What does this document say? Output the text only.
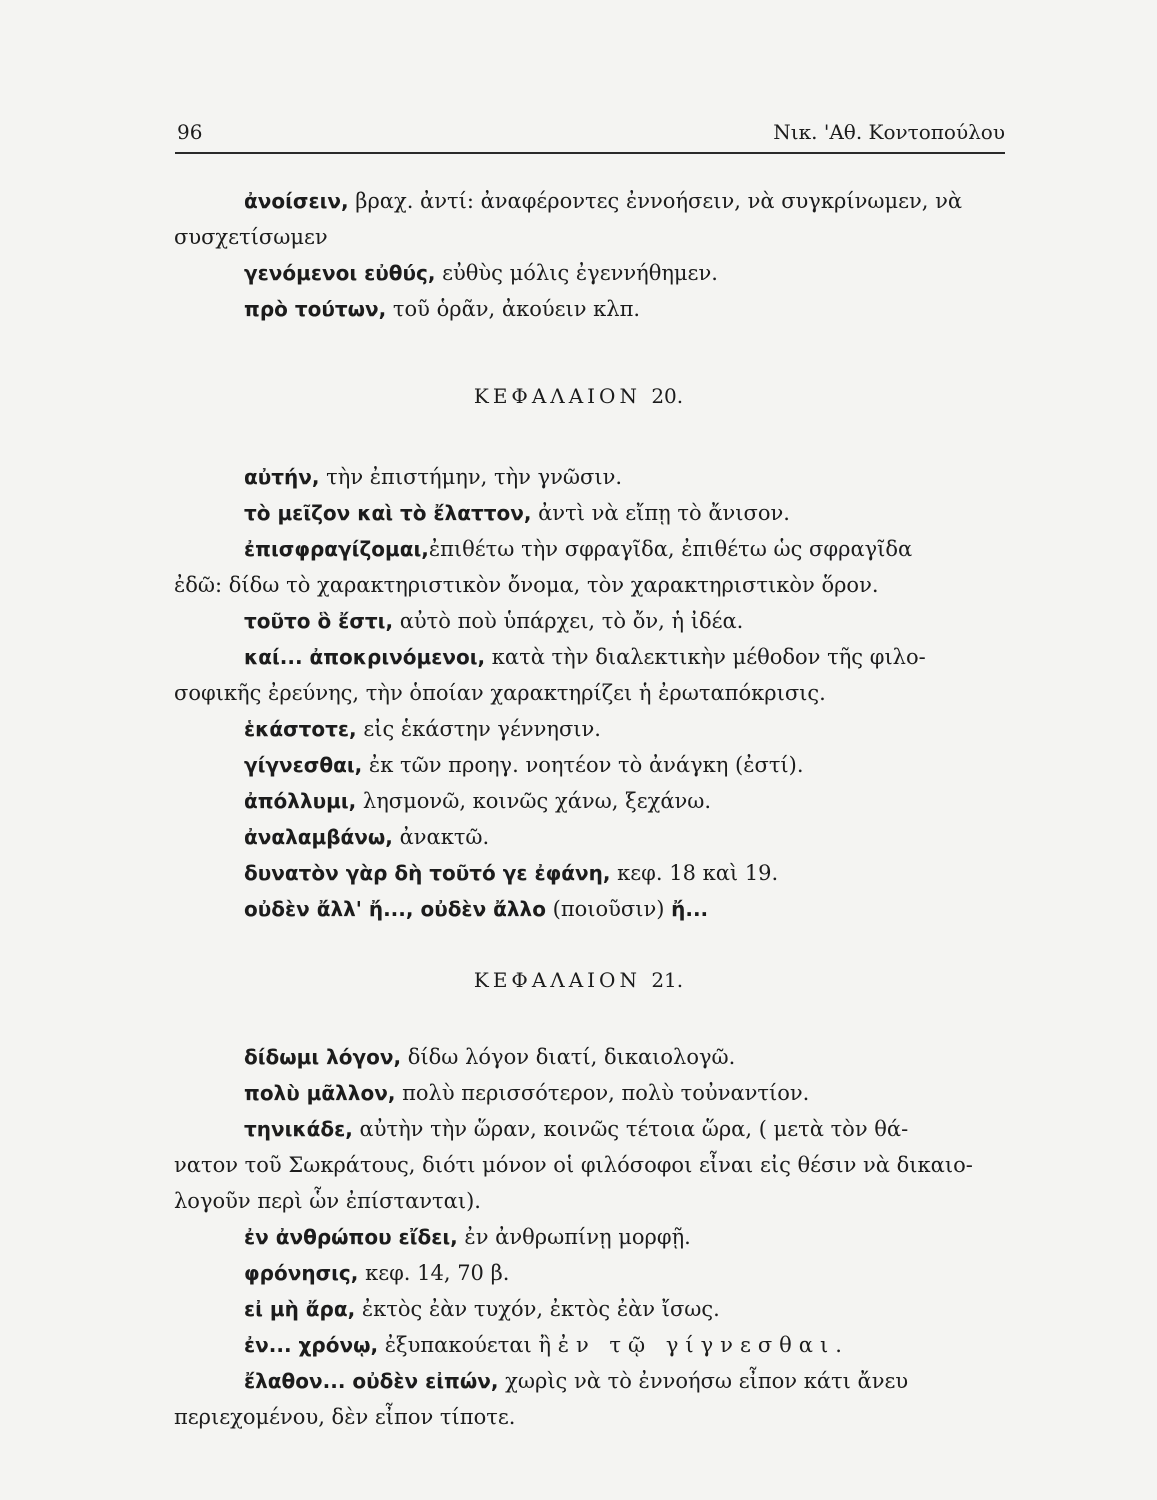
96	Νικ. 'Αθ. Κοντοπούλου
ἀνοίσειν, βραχ. ἀντί: ἀναφέροντες ἐννοήσειν, νὰ συγκρίνωμεν, νὰ
συσχετίσωμεν
γενόμενοι εὐθύς, εὐθὺς μόλις ἐγεννήθημεν.
πρὸ τούτων, τοῦ ὁρᾶν, ἀκούειν κλπ.
ΚΕΦΑΛΑΙΟΝ 20.
αὐτήν, τὴν ἐπιστήμην, τὴν γνῶσιν.
τὸ μεῖζον καὶ τὸ ἔλαττον, ἀντὶ νὰ εἴπῃ τὸ ἄνισον.
ἐπισφραγίζομαι,ἐπιθέτω τὴν σφραγῖδα, ἐπιθέτω ὡς σφραγῖδα
ἐδῶ: δίδω τὸ χαρακτηριστικὸν ὄνομα, τὸν χαρακτηριστικὸν ὅρον.
τοῦτο ὃ ἔστι, αὐτὸ ποὺ ὑπάρχει, τὸ ὄν, ἡ ἰδέα.
καί... ἀποκρινόμενοι, κατὰ τὴν διαλεκτικὴν μέθοδον τῆς φιλο-
σοφικῆς ἐρεύνης, τὴν ὁποίαν χαρακτηρίζει ἡ ἐρωταπόκρισις.
ἑκάστοτε, εἰς ἑκάστην γέννησιν.
γίγνεσθαι, ἐκ τῶν προηγ. νοητέον τὸ ἀνάγκη (ἐστί).
ἀπόλλυμι, λησμονῶ, κοινῶς χάνω, ξεχάνω.
ἀναλαμβάνω, ἀνακτῶ.
δυνατὸν γὰρ δὴ τοῦτό γε ἐφάνη, κεφ. 18 καὶ 19.
οὐδὲν ἄλλ' ἤ..., οὐδὲν ἄλλο (ποιοῦσιν) ἤ...
ΚΕΦΑΛΑΙΟΝ 21.
δίδωμι λόγον, δίδω λόγον διατί, δικαιολογῶ.
πολὺ μᾶλλον, πολὺ περισσότερον, πολὺ τοὐναντίον.
τηνικάδε, αὐτὴν τὴν ὥραν, κοινῶς τέτοια ὥρα, ( μετὰ τὸν θά-
νατον τοῦ Σωκράτους, διότι μόνον οἱ φιλόσοφοι εἶναι εἰς θέσιν νὰ δικαιο-
λογοῦν περὶ ὧν ἐπίστανται).
ἐν ἀνθρώπου εἴδει, ἐν ἀνθρωπίνῃ μορφῇ.
φρόνησις, κεφ. 14, 70 β.
εἰ μὴ ἄρα, ἐκτὸς ἐὰν τυχόν, ἐκτὸς ἐὰν ἴσως.
ἐν... χρόνῳ, ἐξυπακούεται ἢ ἐν τῷ γίγνεσθαι.
ἔλαθον... οὐδὲν εἰπών, χωρὶς νὰ τὸ ἐννοήσω εἶπον κάτι ἄνευ
περιεχομένου, δὲν εἶπον τίποτε.
